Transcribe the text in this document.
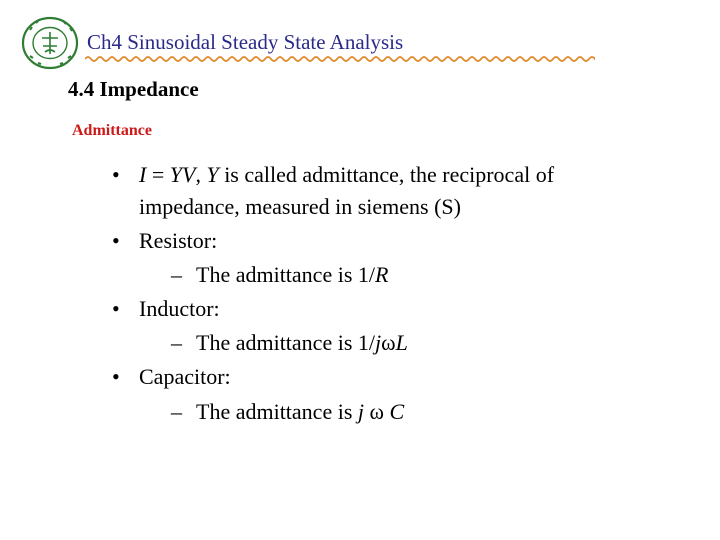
Ch4 Sinusoidal Steady State Analysis
4.4 Impedance
Admittance
• I = YV, Y is called admittance, the reciprocal of
impedance, measured in siemens (S)
• Resistor:
– The admittance is 1/R
• Inductor:
– The admittance is 1/jωL
• Capacitor:
– The admittance is j ω C
